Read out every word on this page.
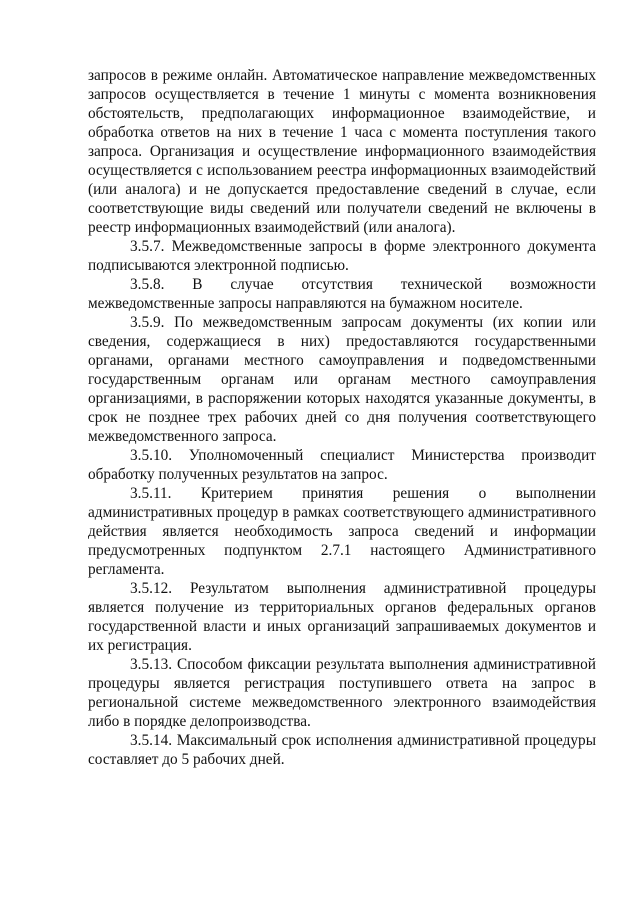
запросов в режиме онлайн. Автоматическое направление межведомственных запросов осуществляется в течение 1 минуты с момента возникновения обстоятельств, предполагающих информационное взаимодействие, и обработка ответов на них в течение 1 часа с момента поступления такого запроса. Организация и осуществление информационного взаимодействия осуществляется с использованием реестра информационных взаимодействий (или аналога) и не допускается предоставление сведений в случае, если соответствующие виды сведений или получатели сведений не включены в реестр информационных взаимодействий (или аналога).

3.5.7. Межведомственные запросы в форме электронного документа подписываются электронной подписью.

3.5.8. В случае отсутствия технической возможности межведомственные запросы направляются на бумажном носителе.

3.5.9. По межведомственным запросам документы (их копии или сведения, содержащиеся в них) предоставляются государственными органами, органами местного самоуправления и подведомственными государственным органам или органам местного самоуправления организациями, в распоряжении которых находятся указанные документы, в срок не позднее трех рабочих дней со дня получения соответствующего межведомственного запроса.

3.5.10. Уполномоченный специалист Министерства производит обработку полученных результатов на запрос.

3.5.11. Критерием принятия решения о выполнении административных процедур в рамках соответствующего административного действия является необходимость запроса сведений и информации предусмотренных подпунктом 2.7.1 настоящего Административного регламента.

3.5.12. Результатом выполнения административной процедуры является получение из территориальных органов федеральных органов государственной власти и иных организаций запрашиваемых документов и их регистрация.

3.5.13. Способом фиксации результата выполнения административной процедуры является регистрация поступившего ответа на запрос в региональной системе межведомственного электронного взаимодействия либо в порядке делопроизводства.

3.5.14. Максимальный срок исполнения административной процедуры составляет до 5 рабочих дней.
